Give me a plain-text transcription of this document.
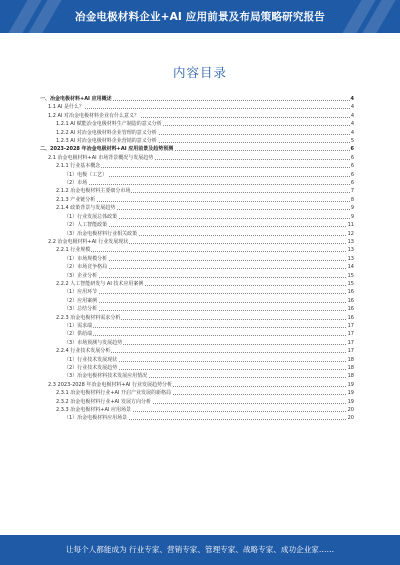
冶金电极材料企业+AI 应用前景及布局策略研究报告
内容目录
一、冶金电极材料+AI 应用概述	4
1.1 AI 是什么？	4
1.2 AI 对冶金电极材料企业有什么意义？	4
1.2.1 AI 赋能冶金电极材料生产制造的意义分析	4
1.2.2 AI 对冶金电极材料企业管理的意义分析	4
1.2.3 AI 对冶金电极材料企业营销的意义分析	5
二、2023-2028 年冶金电极材料+AI 应用前景及趋势预测	6
2.1 冶金电极材料+AI 市场背景概况与发展趋势	6
2.1.1 行业基本概念	6
（1）电极（工艺）	6
（2）市场	6
2.1.2 冶金电极材料主要细分市场	7
2.1.3 产业链分析	8
2.1.4 政策背景与发展趋势	9
（1）行业发展总体政策	9
（2）人工智能政策	11
（3）冶金电极材料行业相关政策	12
2.2 冶金电极材料+AI 行业发展现状	13
2.2.1 行业规模	13
（1）市场规模分析	13
（2）市场竞争格局	14
（3）企业分析	15
2.2.2 人工智能研发与 AI 技术应用案例	15
（1）应用环节	16
（2）应用案例	16
（3）总结分析	16
2.2.3 冶金电极材料需求分析	16
（1）需求端	17
（2）供给端	17
（3）市场预测与发展趋势	17
2.2.4 行业技术发展分析	17
（1）行业技术发展现状	18
（2）行业技术发展趋势	18
（3）冶金电极材料技术发展应用情况	18
2.3 2023-2028 年冶金电极材料+AI 行业发展趋势分析	19
2.3.1 冶金电极材料行业+AI 开启产业发展的新格局	19
2.3.2 冶金电极材料行业+AI 发展方向分析	19
2.3.3 冶金电极材料+AI 应用场景	20
（1）冶金电极材料应用场景	20
让每个人都能成为 行业专家、营销专家、管理专家、战略专家、成功企业家……
